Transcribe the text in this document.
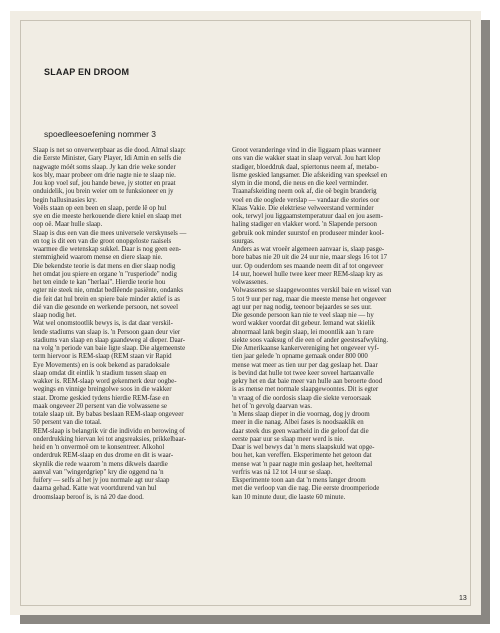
SLAAP EN DROOM
spoedleesoefening nommer 3

Slaap is net so onverwerpbaar as die dood. Almal slaap:
die Eerste Minister, Gary Player, Idi Amin en selfs die
nagwagte móét soms slaap. Jy kan drie weke sonder
kos bly, maar probeer om drie nagte nie te slaap nie.
Jou kop voel suf, jou hande bewe, jy stotter en praat
onduidelik, jou brein weier om te funksioneer en jy
begin hallusinasies kry.

Voëls staan op een been en slaap, perde lê op hul
sye en die meeste herkouende diere kniel en slaap met
oop oë. Maar hulle slaap.

Slaap is dus een van die mees universele verskynsels —
en tog is dit een van die groot onopgeloste raaisels
waarmee die wetenskap sukkel. Daar is nog geen een-
stemmigheid waarom mense en diere slaap nie.

Die bekendste teorie is dat mens en dier slaap nodig
het omdat jou spiere en organe 'n "rusperiode" nodig
het ten einde te kan "herlaai". Hierdie teorie hou
egter nie steek nie, omdat bedlêende pasiënte, ondanks
die feit dat hul brein en spiere baie minder aktief is as
dié van die gesonde en werkende persoon, net soveel
slaap nodig het.

Wat wel onomstootlik bewys is, is dat daar verskil-
lende stadiums van slaap is. 'n Persoon gaan deur vier
stadiums van slaap en slaap gaandeweg al dieper. Daar-
na volg 'n periode van baie ligte slaap. Die algemeenste
term hiervoor is REM-slaap (REM staan vir Rapid
Eye Movements) en is ook bekend as paradoksale
slaap omdat dit eintlik 'n stadium tussen slaap en
wakker is. REM-slaap word gekenmerk deur oogbe-
wegings en vinnige breingolwe soos in die wakker
staat. Drome geskied tydens hierdie REM-fase en
maak ongeveer 20 persent van die volwassene se
totale slaap uit. By babas beslaan REM-slaap ongeveer
50 persent van die totaal.

REM-slaap is belangrik vir die individu en berowing of
onderdrukking hiervan lei tot angsreaksies, prikkelbaar-
heid en 'n onvermoë om te konsentreer. Alkohol
onderdruk REM-slaap en dus drome en dit is waar-
skynlik die rede waarom 'n mens dikwels daardie
aanval van "wingerdgriep" kry die oggend na 'n
fuifery — selfs al het jy jou normale agt uur slaap
daarna gehad. Katte wat voortdurend van hul
droomslaap beroof is, is ná 20 dae dood.

Groot veranderinge vind in die liggaam plaas wanneer
ons van die wakker staat in slaap verval. Jou hart klop
stadiger, bloeddruk daal, spiertonus neem af, metabo-
lisme geskied langsamer. Die afskeiding van speeksel en
slym in die mond, die neus en die keel verminder.
Traanafskeiding neem ook af, die oë begin branderig
voel en die ooglede verslap — vandaar die stories oor
Klaas Vakie. Die elektriese velweerstand verminder
ook, terwyl jou liggaamstemperatuur daal en jou asem-
haling stadiger en vlakker word. 'n Slapende persoon
gebruik ook minder suurstof en produseer minder kool-
suurgas.

Anders as wat vroeër algemeen aanvaar is, slaap pasge-
bore babas nie 20 uit die 24 uur nie, maar slegs 16 tot 17
uur. Op ouderdom ses maande neem dit af tot ongeveer
14 uur, hoewel hulle twee keer meer REM-slaap kry as
volwassenes.

Volwassenes se slaapgewoontes verskil baie en wissel van
5 tot 9 uur per nag, maar die meeste mense het ongeveer
agt uur per nag nodig, teenoor bejaardes se ses uur.

Die gesonde persoon kan nie te veel slaap nie — hy
word wakker voordat dit gebeur. Iemand wat skielik
abnormaal lank begin slaap, lei moontlik aan 'n rare
siekte soos vaaksug of die een of ander geestesafwyking.

Die Amerikaanse kankervereniging het ongeveer vyf-
tien jaar gelede 'n opname gemaak onder 800 000
mense wat meer as tien uur per dag geslaap het. Daar
is bevind dat hulle tot twee keer soveel hartaanvalle
gekry het en dat baie meer van hulle aan beroerte dood
is as mense met normale slaapgewoontes. Dit is egter
'n vraag of die oordosis slaap die siekte veroorsaak
het of 'n gevolg daarvan was.

'n Mens slaap dieper in die voornag, dog jy droom
meer in die nanag. Albei fases is noodsaaklik en
daar steek dus geen waarheid in die geloof dat die
eerste paar uur se slaap meer werd is nie.

Daar is wel bewys dat 'n mens slaapskuld wat opge-
bou het, kan vereffen. Eksperimente het getoon dat
mense wat 'n paar nagte min geslaap het, heeltemal
verfris was ná 12 tot 14 uur se slaap.

Eksperimente toon aan dat 'n mens langer droom
met die verloop van die nag. Die eerste droomperiode
kan 10 minute duur, die laaste 60 minute.

13
